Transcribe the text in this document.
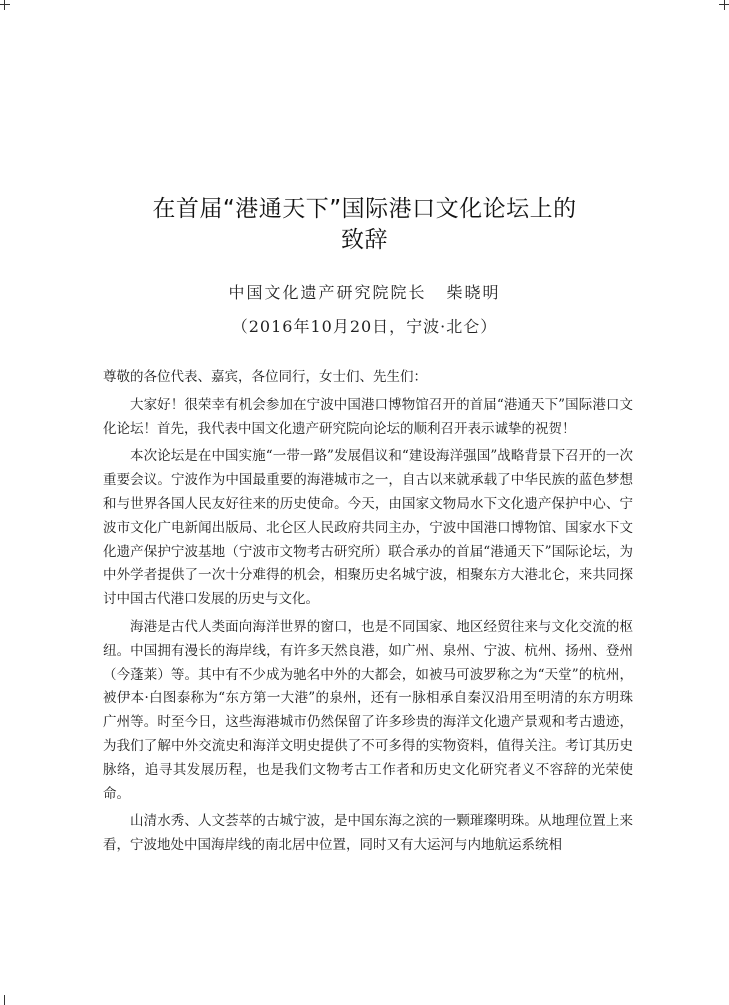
在首届“港通天下”国际港口文化论坛上的
致辞
中国文化遗产研究院院长 柴晓明
（2016年10月20日，宁波·北仑）

尊敬的各位代表、嘉宾，各位同行，女士们、先生们：

大家好！很荣幸有机会参加在宁波中国港口博物馆召开的首届“港通天下”国际港口文化论坛！首先，我代表中国文化遗产研究院向论坛的顺利召开表示诚挚的祝贺！

本次论坛是在中国实施“一带一路”发展倡议和“建设海洋强国”战略背景下召开的一次重要会议。宁波作为中国最重要的海港城市之一，自古以来就承载了中华民族的蓝色梦想和与世界各国人民友好往来的历史使命。今天，由国家文物局水下文化遗产保护中心、宁波市文化广电新闻出版局、北仑区人民政府共同主办，宁波中国港口博物馆、国家水下文化遗产保护宁波基地（宁波市文物考古研究所）联合承办的首届“港通天下”国际论坛，为中外学者提供了一次十分难得的机会，相聚历史名城宁波，相聚东方大港北仑，来共同探讨中国古代港口发展的历史与文化。

海港是古代人类面向海洋世界的窗口，也是不同国家、地区经贸往来与文化交流的枢纽。中国拥有漫长的海岸线，有许多天然良港，如广州、泉州、宁波、杭州、扬州、登州（今蓬莱）等。其中有不少成为驰名中外的大都会，如被马可波罗称之为“天堂”的杭州，被伊本·白图泰称为“东方第一大港”的泉州，还有一脉相承自秦汉沿用至明清的东方明珠广州等。时至今日，这些海港城市仍然保留了许多珍贵的海洋文化遗产景观和考古遗迹，为我们了解中外交流史和海洋文明史提供了不可多得的实物资料，值得关注。考订其历史脉络，追寻其发展历程，也是我们文物考古工作者和历史文化研究者义不容辞的光荣使命。

山清水秀、人文荟萃的古城宁波，是中国东海之滨的一颗璀璨明珠。从地理位置上来看，宁波地处中国海岸线的南北居中位置，同时又有大运河与内地航运系统相
